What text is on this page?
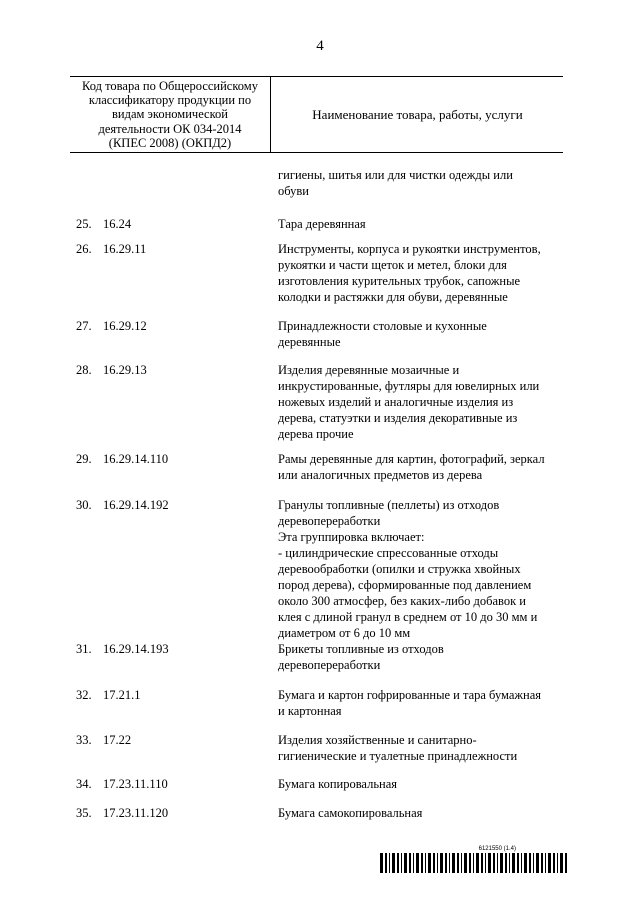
4
Код товара по Общероссийскому
классификатору продукции по
видам экономической
деятельности ОК 034-2014
(КПЕС 2008) (ОКПД2)
Наименование товара, работы, услуги
гигиены, шитья или для чистки одежды или
обуви
25. 16.24	Тара деревянная
26. 16.29.11	Инструменты, корпуса и рукоятки инструментов,
рукоятки и части щеток и метел, блоки для
изготовления курительных трубок, сапожные
колодки и растяжки для обуви, деревянные
27. 16.29.12	Принадлежности столовые и кухонные
деревянные
28. 16.29.13	Изделия деревянные мозаичные и
инкрустированные, футляры для ювелирных или
ножевых изделий и аналогичные изделия из
дерева, статуэтки и изделия декоративные из
дерева прочие
29. 16.29.14.110	Рамы деревянные для картин, фотографий, зеркал
или аналогичных предметов из дерева
30. 16.29.14.192	Гранулы топливные (пеллеты) из отходов
деревопереработки
Эта группировка включает:
- цилиндрические спрессованные отходы
деревообработки (опилки и стружка хвойных
пород дерева), сформированные под давлением
около 300 атмосфер, без каких-либо добавок и
клея с длиной гранул в среднем от 10 до 30 мм и
диаметром от 6 до 10 мм
31. 16.29.14.193	Брикеты топливные из отходов
деревопереработки
32. 17.21.1	Бумага и картон гофрированные и тара бумажная
и картонная
33. 17.22	Изделия хозяйственные и санитарно-
гигиенические и туалетные принадлежности
34. 17.23.11.110	Бумага копировальная
35. 17.23.11.120	Бумага самокопировальная
6121550 (1.4)
